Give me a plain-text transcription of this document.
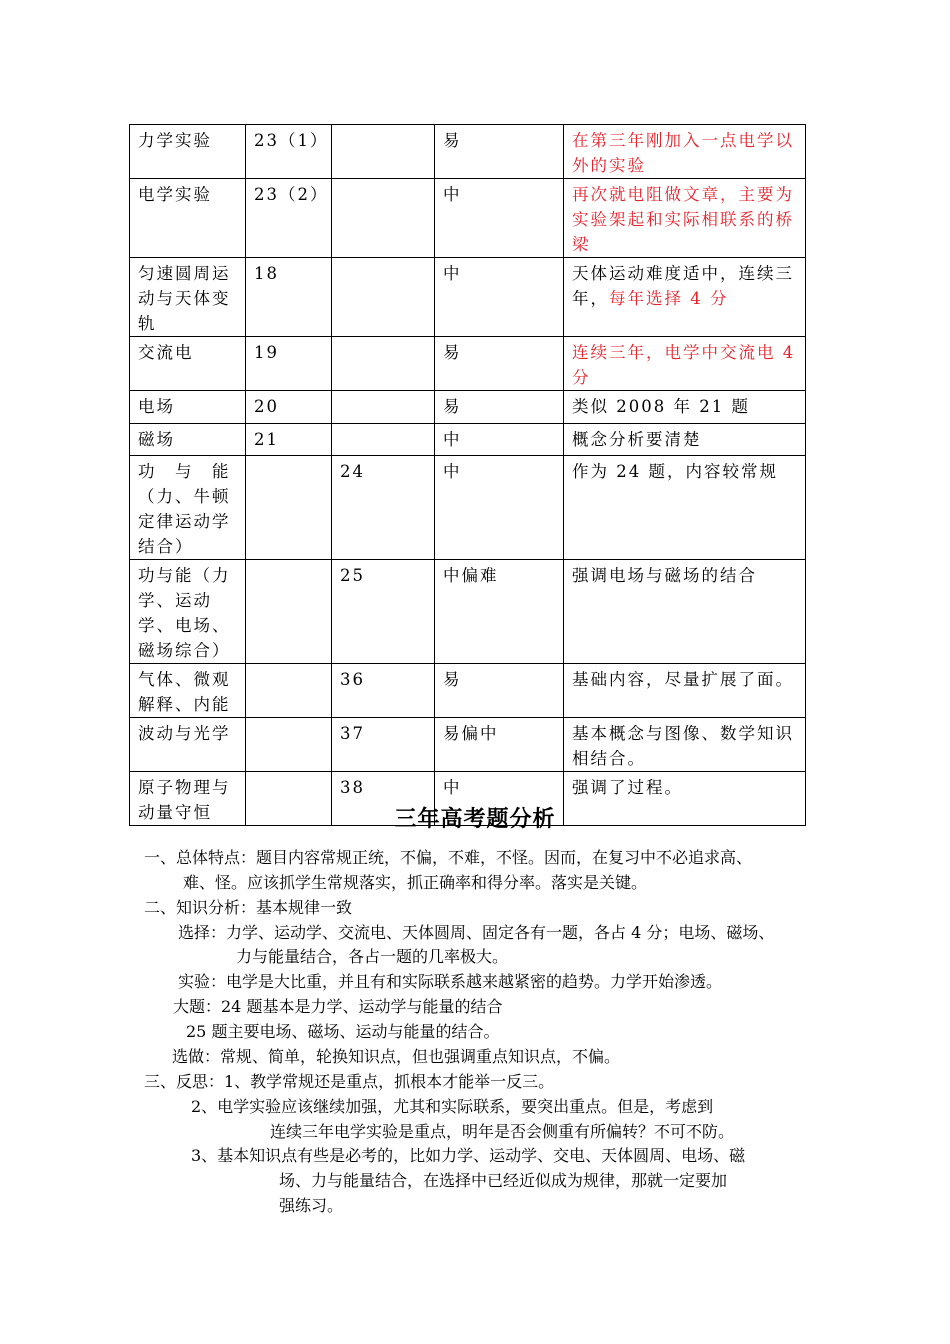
力学实验	23（1）		易	在第三年刚加入一点电学以外的实验
电学实验	23（2）		中	再次就电阻做文章，主要为实验架起和实际相联系的桥梁
匀速圆周运动与天体变轨	18		中	天体运动难度适中，连续三年，每年选择 4 分
交流电	19		易	连续三年，电学中交流电 4 分
电场	20		易	类似 2008 年 21 题
磁场	21		中	概念分析要清楚
功　与　能（力、牛顿定律运动学结合）		24	中	作为 24 题，内容较常规
功与能（力学、运动学、电场、磁场综合）		25	中偏难	强调电场与磁场的结合
气体、微观解释、内能		36	易	基础内容，尽量扩展了面。
波动与光学		37	易偏中	基本概念与图像、数学知识相结合。
原子物理与动量守恒		38	中	强调了过程。
三年高考题分析

一、总体特点：题目内容常规正统，不偏，不难，不怪。因而，在复习中不必追求高、

难、怪。应该抓学生常规落实，抓正确率和得分率。落实是关键。

二、知识分析：基本规律一致

选择：力学、运动学、交流电、天体圆周、固定各有一题，各占 4 分；电场、磁场、

力与能量结合，各占一题的几率极大。

实验：电学是大比重，并且有和实际联系越来越紧密的趋势。力学开始渗透。

大题：24 题基本是力学、运动学与能量的结合

25 题主要电场、磁场、运动与能量的结合。

选做：常规、简单，轮换知识点，但也强调重点知识点，不偏。

三、反思：1、教学常规还是重点，抓根本才能举一反三。

2、电学实验应该继续加强，尤其和实际联系，要突出重点。但是，考虑到

连续三年电学实验是重点，明年是否会侧重有所偏转？不可不防。

3、基本知识点有些是必考的，比如力学、运动学、交电、天体圆周、电场、磁

场、力与能量结合，在选择中已经近似成为规律，那就一定要加

强练习。
